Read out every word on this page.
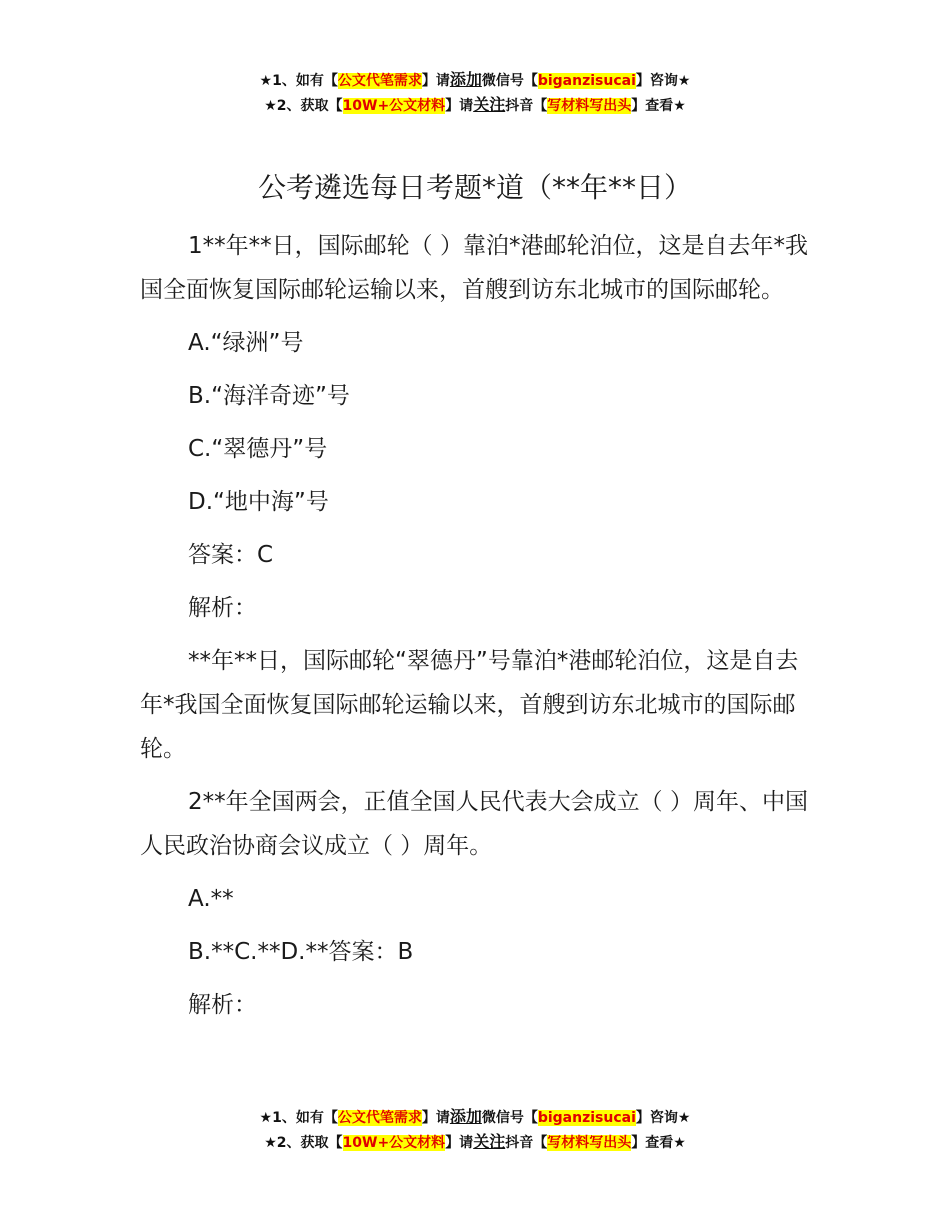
★1、如有【公文代笔需求】请添加微信号【biganzisucai】咨询★
★2、获取【10W+公文材料】请关注抖音【写材料写出头】查看★
公考遴选每日考题*道（**年**日）

1**年**日，国际邮轮（ ）靠泊*港邮轮泊位，这是自去年*我国全面恢复国际邮轮运输以来，首艘到访东北城市的国际邮轮。

A.“绿洲”号

B.“海洋奇迹”号

C.“翠德丹”号

D.“地中海”号

答案：C

解析：

**年**日，国际邮轮“翠德丹”号靠泊*港邮轮泊位，这是自去年*我国全面恢复国际邮轮运输以来，首艘到访东北城市的国际邮轮。

2**年全国两会，正值全国人民代表大会成立（ ）周年、中国人民政治协商会议成立（ ）周年。

A.**

B.**C.**D.**答案：B

解析：

★1、如有【公文代笔需求】请添加微信号【biganzisucai】咨询★
★2、获取【10W+公文材料】请关注抖音【写材料写出头】查看★
